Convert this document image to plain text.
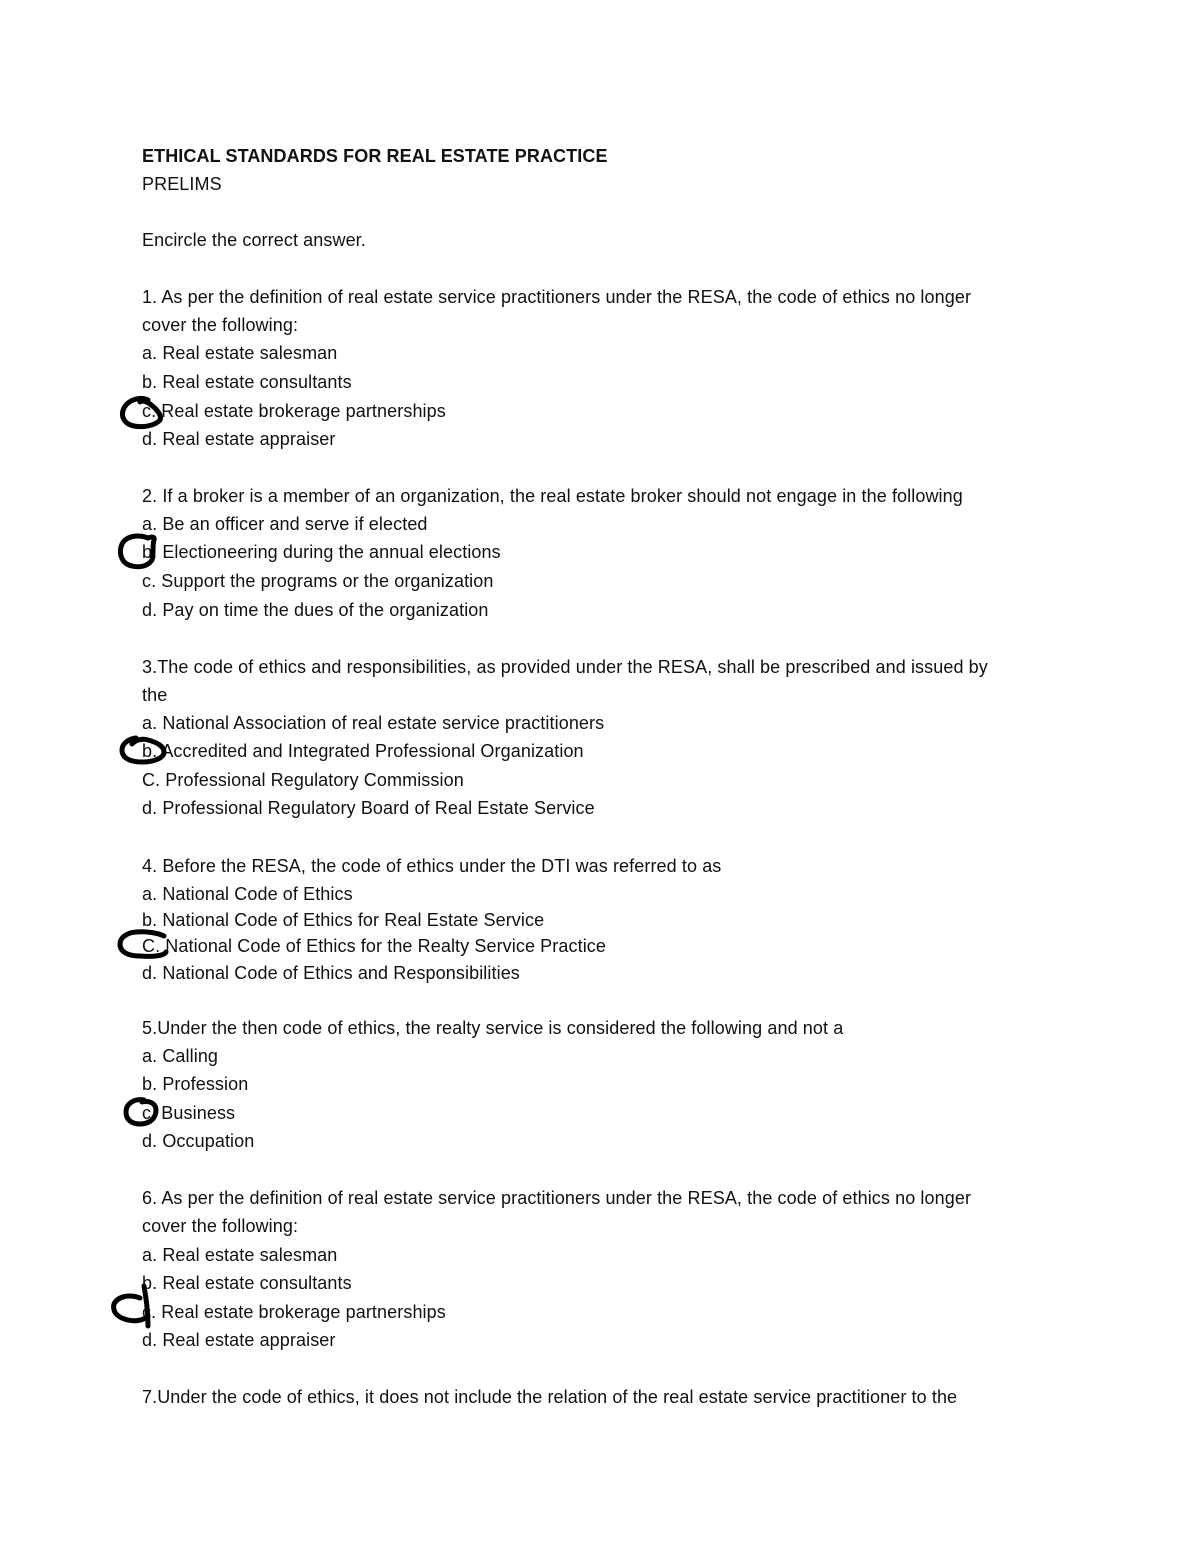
ETHICAL STANDARDS FOR REAL ESTATE PRACTICE
PRELIMS
Encircle the correct answer.
1. As per the definition of real estate service practitioners under the RESA, the code of ethics no longer
cover the following:
a. Real estate salesman
b. Real estate consultants
c. Real estate brokerage partnerships
d. Real estate appraiser
2. If a broker is a member of an organization, the real estate broker should not engage in the following
a. Be an officer and serve if elected
b. Electioneering during the annual elections
c. Support the programs or the organization
d. Pay on time the dues of the organization
3.The code of ethics and responsibilities, as provided under the RESA, shall be prescribed and issued by
the
a. National Association of real estate service practitioners
b. Accredited and Integrated Professional Organization
C. Professional Regulatory Commission
d. Professional Regulatory Board of Real Estate Service
4. Before the RESA, the code of ethics under the DTI was referred to as
a. National Code of Ethics
b. National Code of Ethics for Real Estate Service
C. National Code of Ethics for the Realty Service Practice
d. National Code of Ethics and Responsibilities
5.Under the then code of ethics, the realty service is considered the following and not a
a. Calling
b. Profession
c. Business
d. Occupation
6. As per the definition of real estate service practitioners under the RESA, the code of ethics no longer
cover the following:
a. Real estate salesman
b. Real estate consultants
c. Real estate brokerage partnerships
d. Real estate appraiser
7.Under the code of ethics, it does not include the relation of the real estate service practitioner to the
